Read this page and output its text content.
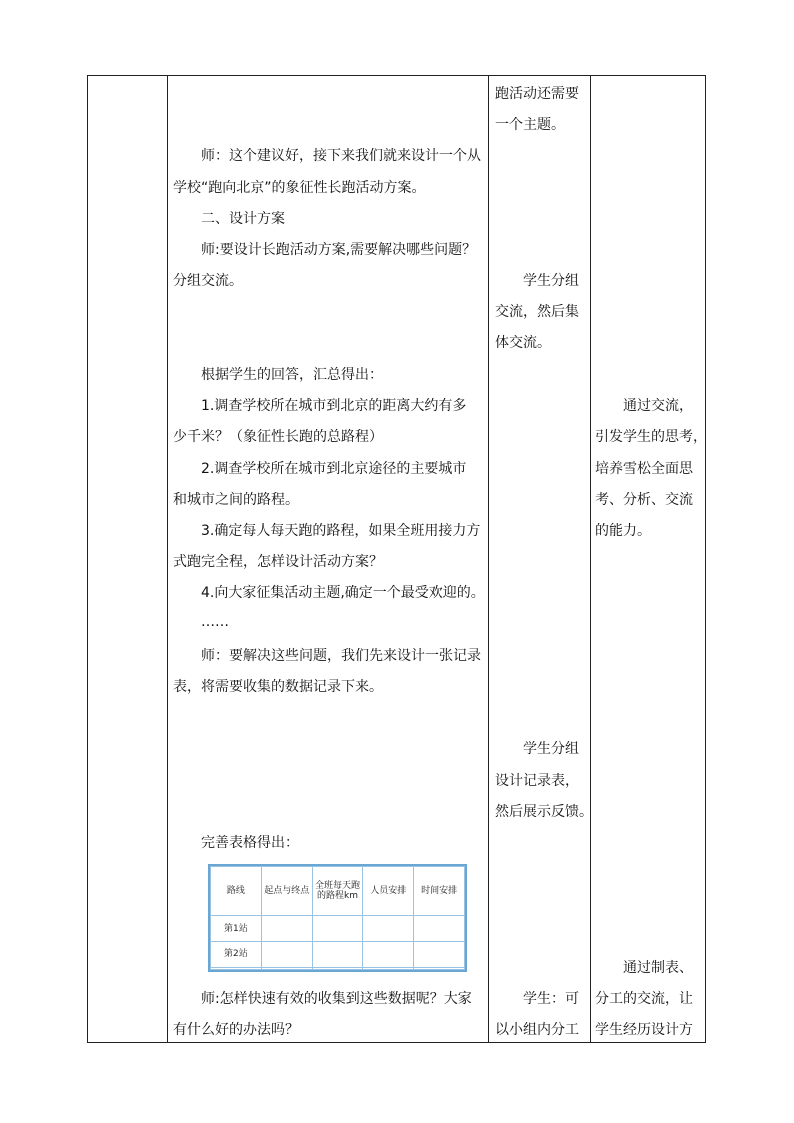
师：这个建议好，接下来我们就来设计一个从
学校“跑向北京”的象征性长跑活动方案。
二、设计方案
师:要设计长跑活动方案,需要解决哪些问题？
分组交流。
根据学生的回答，汇总得出：
1.调查学校所在城市到北京的距离大约有多
少千米？（象征性长跑的总路程）
2.调查学校所在城市到北京途径的主要城市
和城市之间的路程。
3.确定每人每天跑的路程，如果全班用接力方
式跑完全程，怎样设计活动方案？
4.向大家征集活动主题,确定一个最受欢迎的。
……
师：要解决这些问题，我们先来设计一张记录
表，将需要收集的数据记录下来。
完善表格得出：
师:怎样快速有效的收集到这些数据呢？大家
有什么好的办法吗？
路线	起点与终点	全班每天跑的路程km	人员安排	时间安排
第1站				
第2站				

跑活动还需要
一个主题。
学生分组
交流，然后集
体交流。
学生分组
设计记录表，
然后展示反馈。
学生：可
以小组内分工
通过交流，
引发学生的思考，
培养雪松全面思
考、分析、交流
的能力。
通过制表、
分工的交流，让
学生经历设计方
